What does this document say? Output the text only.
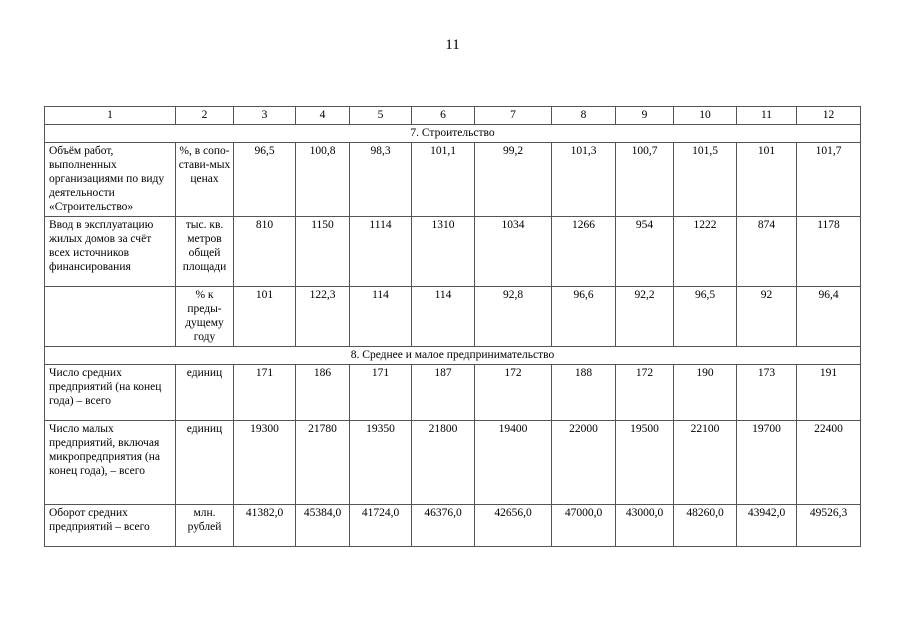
11
1	2	3	4	5	6	7	8	9	10	11	12
7. Строительство											
Объём работ, выполненных организациями по виду деятельности «Строительство»	%, в сопо-стави-мых ценах	96,5	100,8	98,3	101,1	99,2	101,3	100,7	101,5	101	101,7
Ввод в эксплуатацию жилых домов за счёт всех источников финансирования	тыс. кв. метров общей площади	810	1150	1114	1310	1034	1266	954	1222	874	1178
	% к преды-дущему году	101	122,3	114	114	92,8	96,6	92,2	96,5	92	96,4
8. Среднее и малое предпринимательство											
Число средних предприятий (на конец года) – всего	единиц	171	186	171	187	172	188	172	190	173	191
Число малых предприятий, включая микропредприятия (на конец года), – всего	единиц	19300	21780	19350	21800	19400	22000	19500	22100	19700	22400
Оборот средних предприятий – всего	млн. рублей	41382,0	45384,0	41724,0	46376,0	42656,0	47000,0	43000,0	48260,0	43942,0	49526,3
